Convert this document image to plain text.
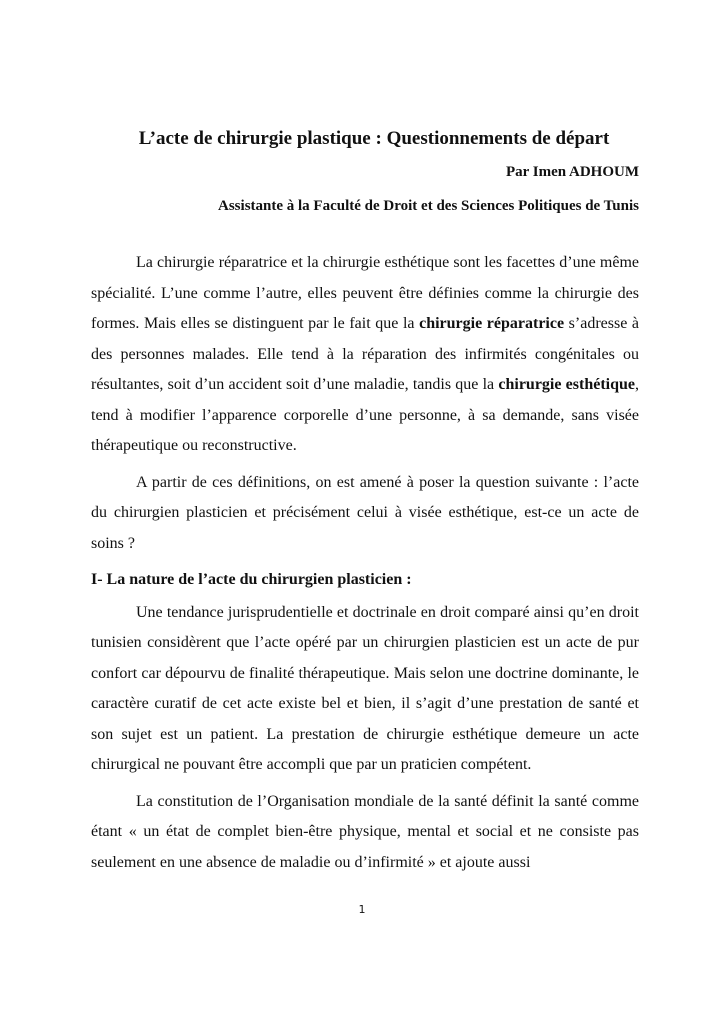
L’acte de chirurgie plastique : Questionnements de départ

Par Imen ADHOUM

Assistante à la Faculté de Droit et des Sciences Politiques de Tunis

La chirurgie réparatrice et la chirurgie esthétique sont les facettes d’une même spécialité. L’une comme l’autre, elles peuvent être définies comme la chirurgie des formes. Mais elles se distinguent par le fait que la chirurgie réparatrice s’adresse à des personnes malades. Elle tend à la réparation des infirmités congénitales ou résultantes, soit d’un accident soit d’une maladie, tandis que la chirurgie esthétique, tend à modifier l’apparence corporelle d’une personne, à sa demande, sans visée thérapeutique ou reconstructive.

A partir de ces définitions, on est amené à poser la question suivante : l’acte du chirurgien plasticien et précisément celui à visée esthétique, est-ce un acte de soins ?

I- La nature de l’acte du chirurgien plasticien :

Une tendance jurisprudentielle et doctrinale en droit comparé ainsi qu’en droit tunisien considèrent que l’acte opéré par un chirurgien plasticien est un acte de pur confort car dépourvu de finalité thérapeutique. Mais selon une doctrine dominante, le caractère curatif de cet acte existe bel et bien, il s’agit d’une prestation de santé et son sujet est un patient. La prestation de chirurgie esthétique demeure un acte chirurgical ne pouvant être accompli que par un praticien compétent.

La constitution de l’Organisation mondiale de la santé définit la santé comme étant « un état de complet bien-être physique, mental et social et ne consiste pas seulement en une absence de maladie ou d’infirmité » et ajoute aussi

1
